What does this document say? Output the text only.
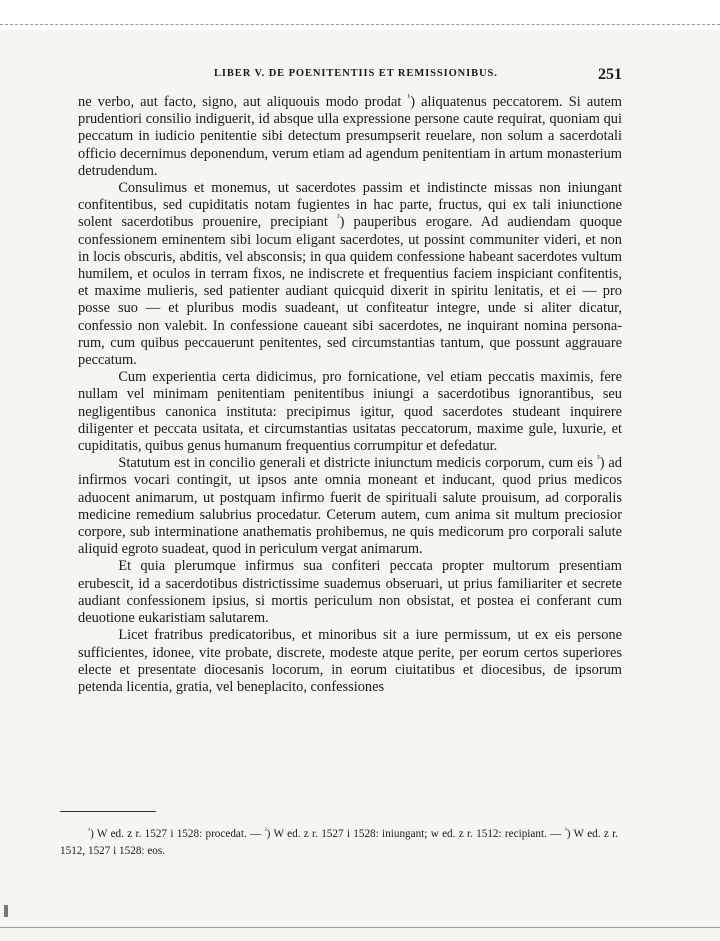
LIBER V. DE POENITENTIIS ET REMISSIONIBUS.	251

ne verbo, aut facto, signo, aut aliquouis modo prodat $^{^1}$) aliquatenus peccatorem. Si autem prudentiori consilio indiguerit, id absque ulla expressione persone caute requirat, quoniam qui peccatum in iudicio penitentie sibi detectum presumpserit reuelare, non solum a sacerdotali officio decernimus deponendum, verum etiam ad agendum penitentiam in artum monasterium detrudendum.

Consulimus et monemus, ut sacerdotes passim et indistincte missas non iniungant confitentibus, sed cupiditatis notam fugientes in hac parte, fructus, qui ex tali iniunctione solent sacerdotibus prouenire, precipiant $^{^2}$) pauperibus erogare. Ad audiendam quoque confessionem eminentem sibi locum eligant sacerdotes, ut possint communiter videri, et non in locis obscuris, abditis, vel absconsis; in qua quidem confessione habeant sacerdotes vultum humilem, et oculos in terram fixos, ne indiscrete et frequentius faciem inspiciant confitentis, et maxime mulieris, sed patienter audiant quicquid dixerit in spiritu lenitatis, et ei — pro posse suo — et pluribus modis suadeant, ut confiteatur integre, unde si aliter dicatur, confessio non valebit. In confessione caueant sibi sacerdotes, ne inquirant nomina personarum, cum quibus peccauerunt penitentes, sed circumstantias tantum, que possunt aggrauare peccatum.

Cum experientia certa didicimus, pro fornicatione, vel etiam peccatis maximis, fere nullam vel minimam penitentiam penitentibus iniungi a sacerdotibus ignorantibus, seu negligentibus canonica instituta: precipimus igitur, quod sacerdotes studeant inquirere diligenter et peccata usitata, et circumstantias usitatas peccatorum, maxime gule, luxurie, et cupiditatis, quibus genus humanum frequentius corrumpitur et defedatur.

Statutum est in concilio generali et districte iniunctum medicis corporum, cum eis $^{^3}$) ad infirmos vocari contingit, ut ipsos ante omnia moneant et inducant, quod prius medicos aduocent animarum, ut postquam infirmo fuerit de spirituali salute prouisum, ad corporalis medicine remedium salubrius procedatur. Ceterum autem, cum anima sit multum preciosior corpore, sub interminatione anathematis prohibemus, ne quis medicorum pro corporali salute aliquid egroto suadeat, quod in periculum vergat animarum.

Et quia plerumque infirmus sua confiteri peccata propter multorum presentiam erubescit, id a sacerdotibus districtissime suademus obseruari, ut prius familiariter et secrete audiant confessionem ipsius, si mortis periculum non obsistat, et postea ei conferant cum deuotione eukaristiam salutarem.

Licet fratribus predicatoribus, et minoribus sit a iure permissum, ut ex eis persone sufficientes, idonee, vite probate, discrete, modeste atque perite, per eorum certos superiores electe et presentate diocesanis locorum, in eorum ciuitatibus et diocesibus, de ipsorum petenda licentia, gratia, vel beneplacito, confessiones

$^{^1}$) W ed. z r. 1527 i 1528: procedat. — $^{^2}$) W ed. z r. 1527 i 1528: iniungant; w ed. z r. 1512: recipiant. — $^{^3}$) W ed. z r. 1512, 1527 i 1528: eos.
